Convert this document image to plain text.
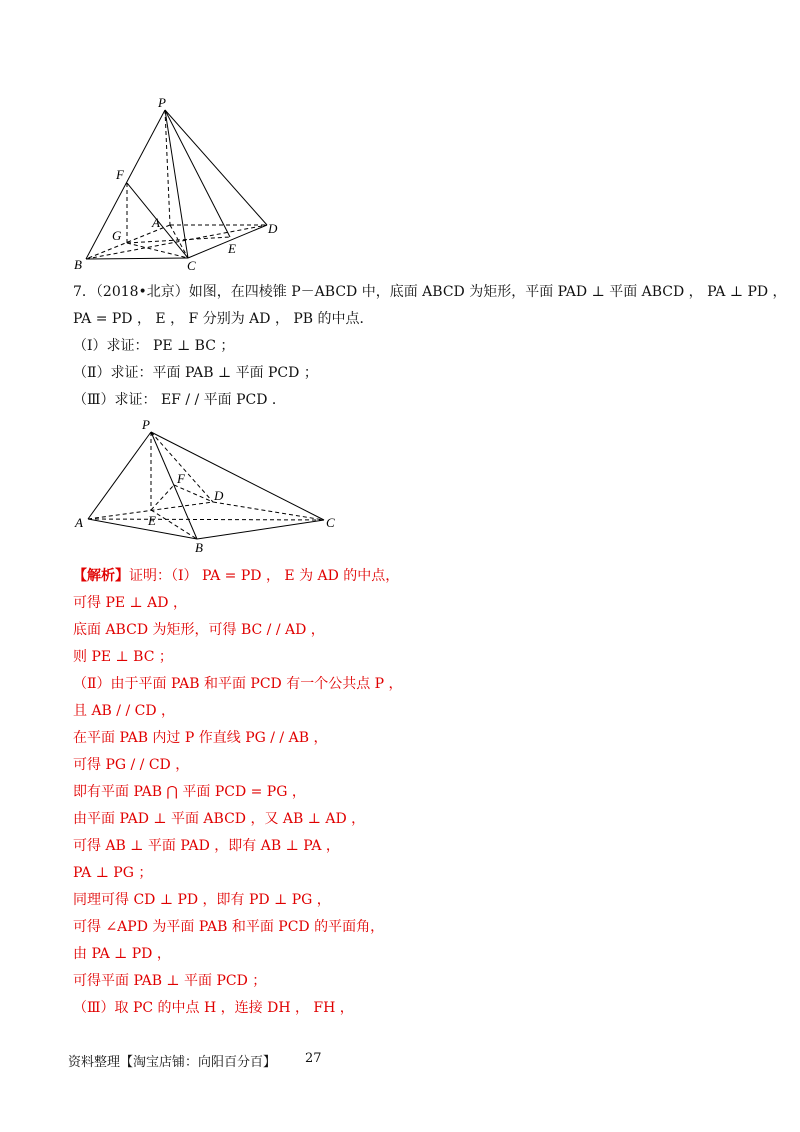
P
F
A
G
B	C
D
E
7．（2018•北京）如图，在四棱锥 P－ABCD 中，底面 ABCD 为矩形，平面 PAD ⊥ 平面 ABCD ， PA ⊥ PD ，
PA = PD ， E ， F 分别为 AD ， PB 的中点．
（Ⅰ）求证： PE ⊥ BC ；
（Ⅱ）求证：平面 PAB ⊥ 平面 PCD ；
（Ⅲ）求证： EF / / 平面 PCD ．
P
F
D
A	E	C
B
【解析】证明：（Ⅰ） PA = PD ， E 为 AD 的中点，
可得 PE ⊥ AD ，
底面 ABCD 为矩形，可得 BC / / AD ，
则 PE ⊥ BC ；
（Ⅱ）由于平面 PAB 和平面 PCD 有一个公共点 P ，
且 AB / / CD ，
在平面 PAB 内过 P 作直线 PG / / AB ，
可得 PG / / CD ，
即有平面 PAB ⋂ 平面 PCD = PG ，
由平面 PAD ⊥ 平面 ABCD ，又 AB ⊥ AD ，
可得 AB ⊥ 平面 PAD ，即有 AB ⊥ PA ，
PA ⊥ PG ；
同理可得 CD ⊥ PD ，即有 PD ⊥ PG ，
可得 ∠APD 为平面 PAB 和平面 PCD 的平面角，
由 PA ⊥ PD ，
可得平面 PAB ⊥ 平面 PCD ；
（Ⅲ）取 PC 的中点 H ，连接 DH ， FH ，
资料整理【淘宝店铺：向阳百分百】 27
